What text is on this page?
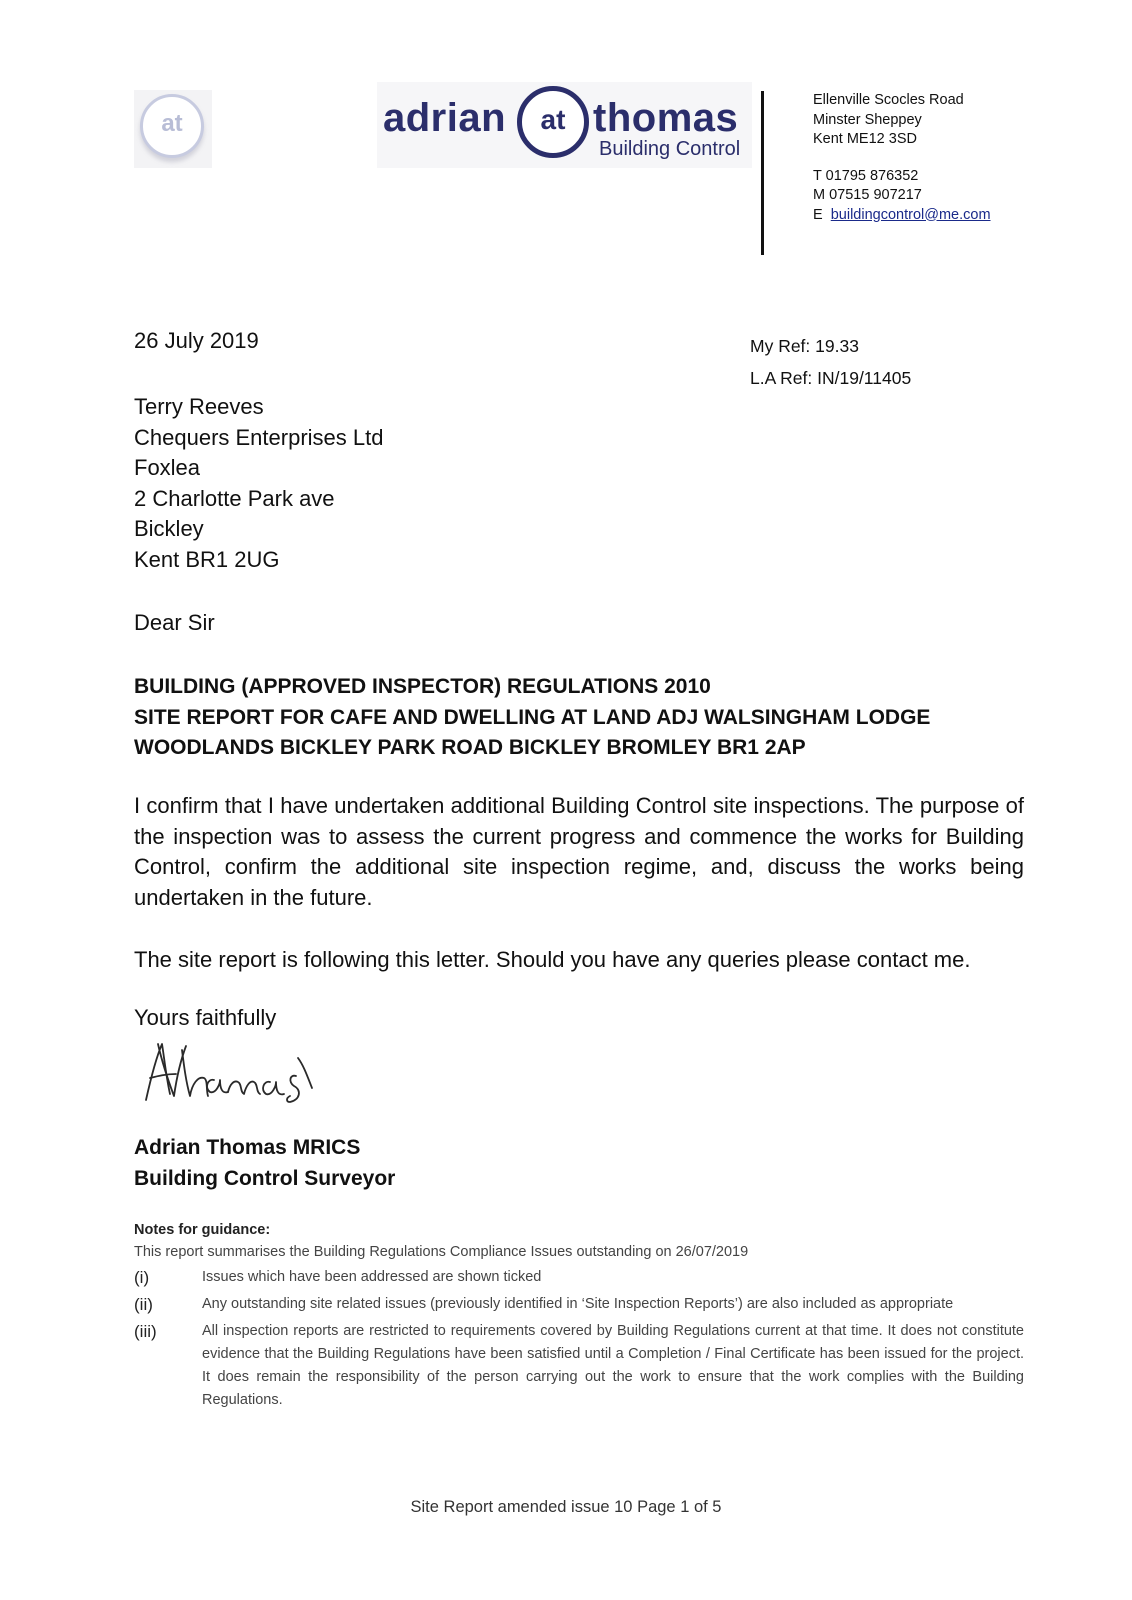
at	adrian	at thomas
Building Control
Ellenville Scocles Road
Minster Sheppey
Kent ME12 3SD
T 01795 876352
M 07515 907217
E buildingcontrol@me.com
26 July 2019	My Ref: 19.33
L.A Ref: IN/19/11405
Terry Reeves
Chequers Enterprises Ltd
Foxlea
2 Charlotte Park ave
Bickley
Kent BR1 2UG
Dear Sir
BUILDING (APPROVED INSPECTOR) REGULATIONS 2010
SITE REPORT FOR CAFE AND DWELLING AT LAND ADJ WALSINGHAM LODGE
WOODLANDS BICKLEY PARK ROAD BICKLEY BROMLEY BR1 2AP
I confirm that I have undertaken additional Building Control site inspections. The purpose of the inspection was to assess the current progress and commence the works for Building Control, confirm the additional site inspection regime, and, discuss the works being undertaken in the future.
The site report is following this letter. Should you have any queries please contact me.
Yours faithfully
Adrian Thomas MRICS
Building Control Surveyor
Notes for guidance:
This report summarises the Building Regulations Compliance Issues outstanding on 26/07/2019
(i)	Issues which have been addressed are shown ticked
(ii)	Any outstanding site related issues (previously identified in ‘Site Inspection Reports’) are also included as appropriate
(iii)	All inspection reports are restricted to requirements covered by Building Regulations current at that time. It does not constitute evidence that the Building Regulations have been satisfied until a Completion / Final Certificate has been issued for the project. It does remain the responsibility of the person carrying out the work to ensure that the work complies with the Building Regulations.
Site Report amended issue 10 Page 1 of 5
